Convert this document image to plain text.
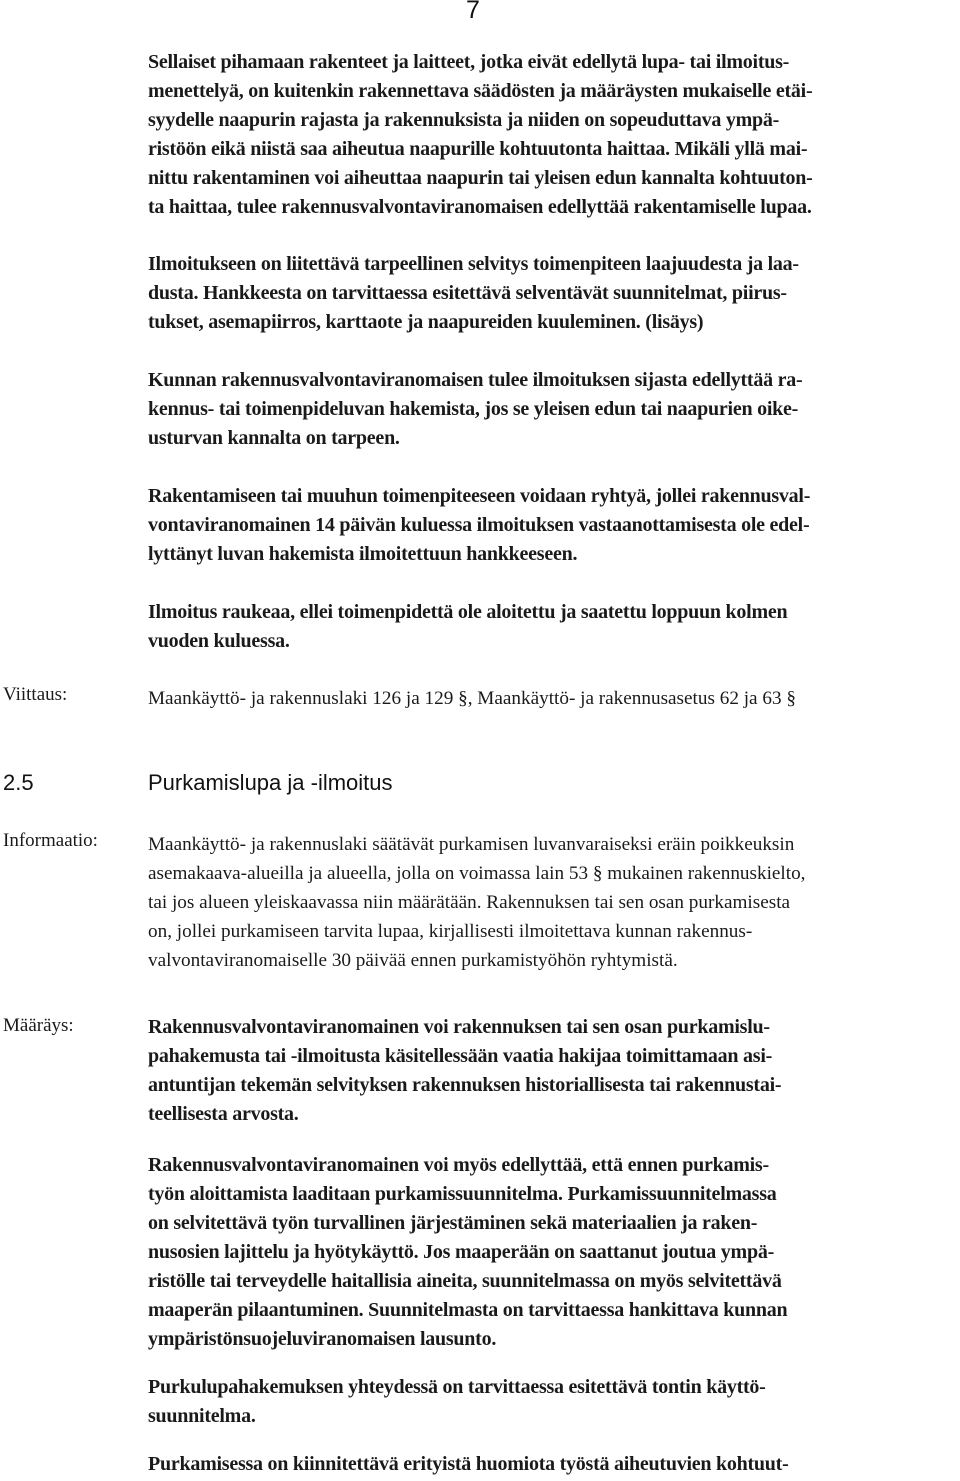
7

Sellaiset pihamaan rakenteet ja laitteet, jotka eivät edellytä lupa- tai ilmoitus-
menettelyä, on kuitenkin rakennettava säädösten ja määräysten mukaiselle etäi-
syydelle naapurin rajasta ja rakennuksista ja niiden on sopeuduttava ympä-
ristöön eikä niistä saa aiheutua naapurille kohtuutonta haittaa. Mikäli yllä mai-
nittu rakentaminen voi aiheuttaa naapurin tai yleisen edun kannalta kohtuuton-
ta haittaa, tulee rakennusvalvontaviranomaisen edellyttää rakentamiselle lupaa.

Ilmoitukseen on liitettävä tarpeellinen selvitys toimenpiteen laajuudesta ja laa-
dusta. Hankkeesta on tarvittaessa esitettävä selventävät suunnitelmat, piirus-
tukset, asemapiirros, karttaote ja naapureiden kuuleminen. (lisäys)

Kunnan rakennusvalvontaviranomaisen tulee ilmoituksen sijasta edellyttää ra-
kennus- tai toimenpideluvan hakemista, jos se yleisen edun tai naapurien oike-
usturvan kannalta on tarpeen.

Rakentamiseen tai muuhun toimenpiteeseen voidaan ryhtyä, jollei rakennusval-
vontaviranomainen 14 päivän kuluessa ilmoituksen vastaanottamisesta ole edel-
lyttänyt luvan hakemista ilmoitettuun hankkeeseen.

Ilmoitus raukeaa, ellei toimenpidettä ole aloitettu ja saatettu loppuun kolmen
vuoden kuluessa.

Viittaus:	Maankäyttö- ja rakennuslaki 126 ja 129 §, Maankäyttö- ja rakennusasetus 62 ja 63 §

2.5	Purkamislupa ja -ilmoitus
Informaatio:	Maankäyttö- ja rakennuslaki säätävät purkamisen luvanvaraiseksi eräin poikkeuksin
asemakaava-alueilla ja alueella, jolla on voimassa lain 53 § mukainen rakennuskielto,
tai jos alueen yleiskaavassa niin määrätään. Rakennuksen tai sen osan purkamisesta
on, jollei purkamiseen tarvita lupaa, kirjallisesti ilmoitettava kunnan rakennus-
valvontaviranomaiselle 30 päivää ennen purkamistyöhön ryhtymistä.

Määräys:	Rakennusvalvontaviranomainen voi rakennuksen tai sen osan purkamislu-
pahakemusta tai -ilmoitusta käsitellessään vaatia hakijaa toimittamaan asi-
antuntijan tekemän selvityksen rakennuksen historiallisesta tai rakennustai-
teellisesta arvosta.

Rakennusvalvontaviranomainen voi myös edellyttää, että ennen purkamis-
työn aloittamista laaditaan purkamissuunnitelma. Purkamissuunnitelmassa
on selvitettävä työn turvallinen järjestäminen sekä materiaalien ja raken-
nusosien lajittelu ja hyötykäyttö. Jos maaperään on saattanut joutua ympä-
ristölle tai terveydelle haitallisia aineita, suunnitelmassa on myös selvitettävä
maaperän pilaantuminen. Suunnitelmasta on tarvittaessa hankittava kunnan
ympäristönsuojeluviranomaisen lausunto.

Purkulupahakemuksen yhteydessä on tarvittaessa esitettävä tontin käyttö-
suunnitelma.

Purkamisessa on kiinnitettävä erityistä huomiota työstä aiheutuvien kohtuut-
